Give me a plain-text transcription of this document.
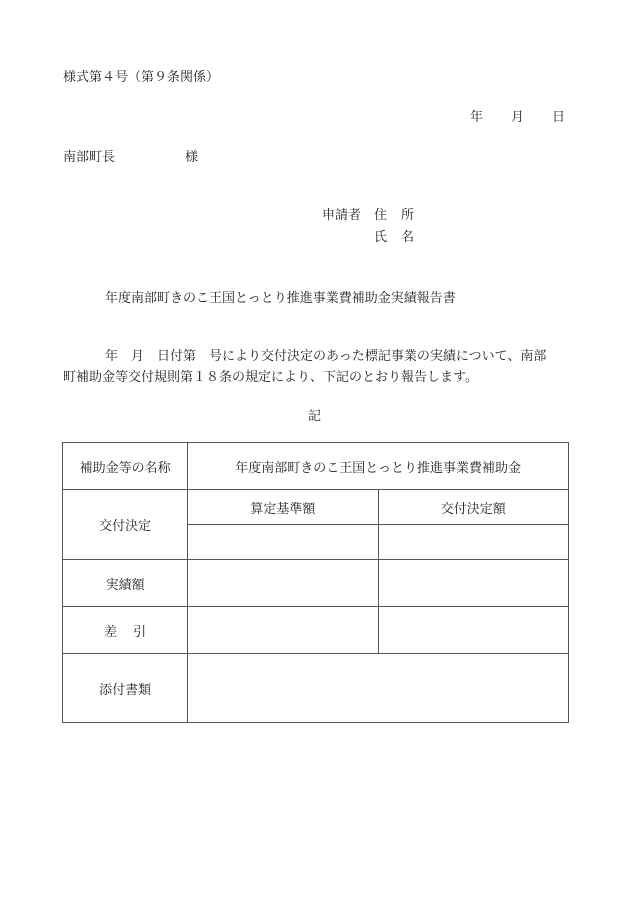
様式第４号（第９条関係）
年 月 日
南部町長	様
申請者 住 所
氏 名
年度南部町きのこ王国とっとり推進事業費補助金実績報告書
年　月　日付第　号により交付決定のあった標記事業の実績について、南部
町補助金等交付規則第１８条の規定により、下記のとおり報告します。
記
補助金等の名称	年度南部町きのこ王国とっとり推進事業費補助金	
交付決定	算定基準額	交付決定額

実績額		
差 引		
添付書類		
